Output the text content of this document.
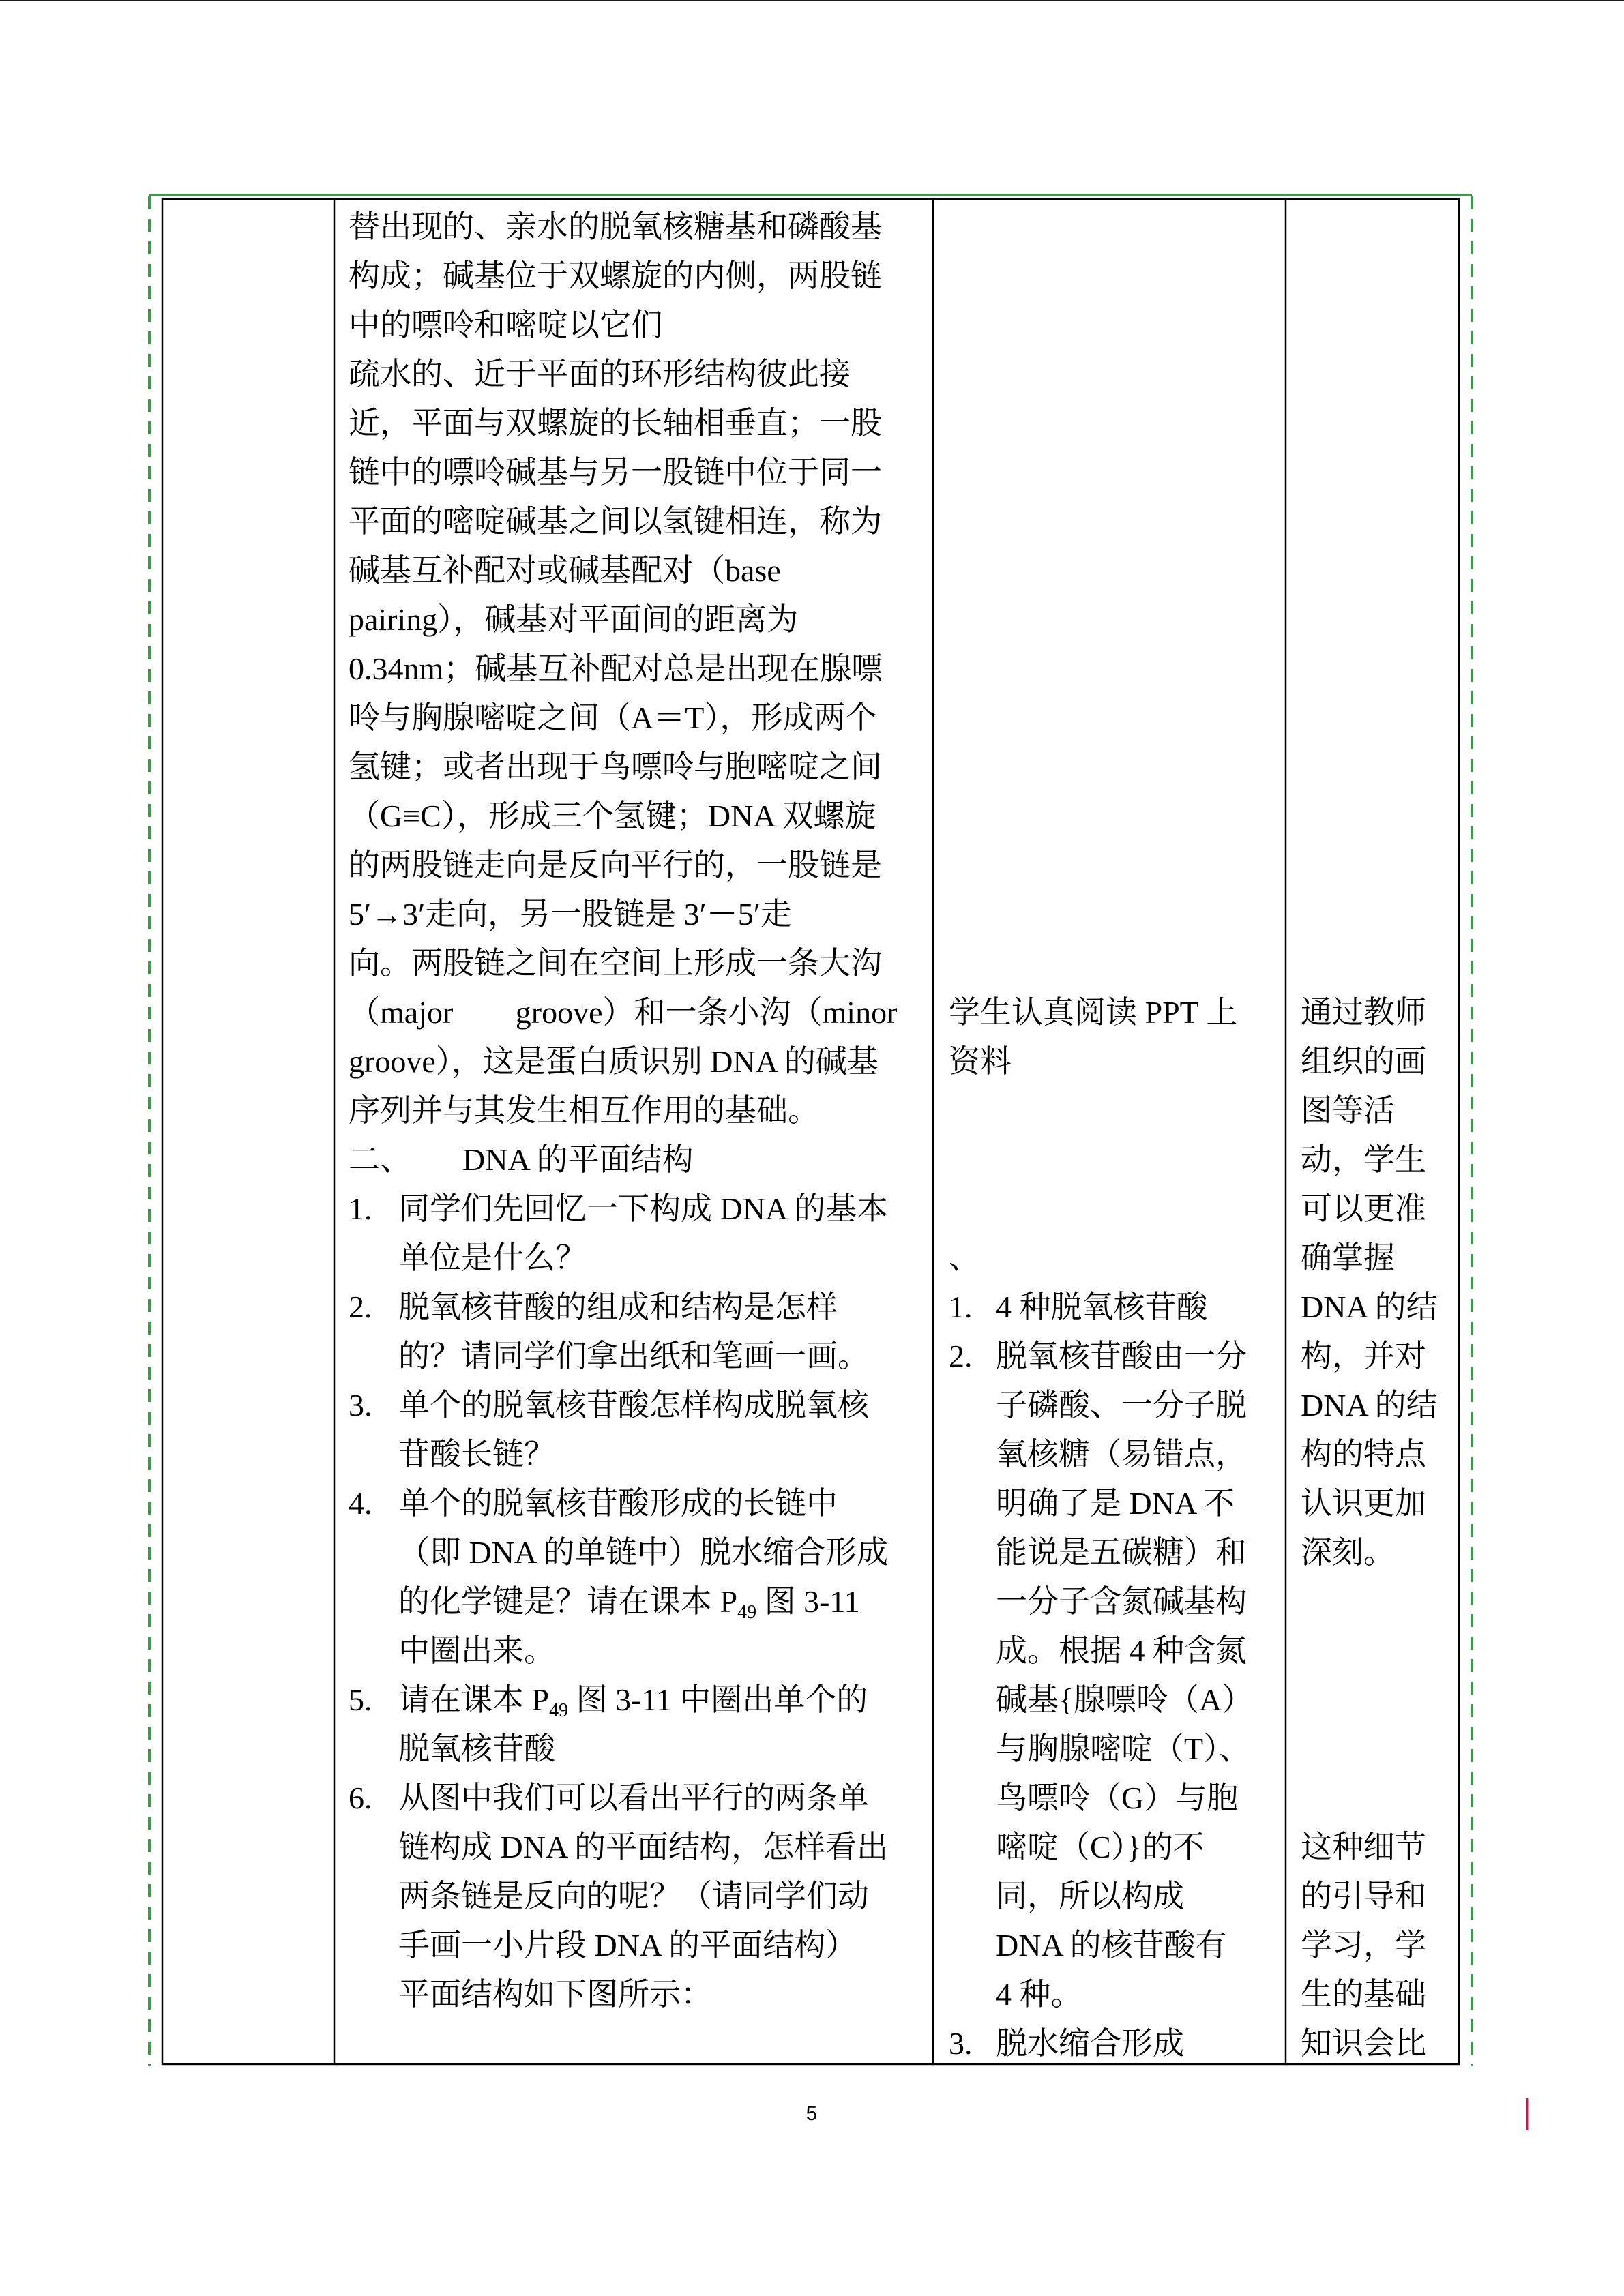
替出现的、亲水的脱氧核糖基和磷酸基
构成；碱基位于双螺旋的内侧，两股链
中的嘌呤和嘧啶以它们
疏水的、近于平面的环形结构彼此接
近，平面与双螺旋的长轴相垂直；一股
链中的嘌呤碱基与另一股链中位于同一
平面的嘧啶碱基之间以氢键相连，称为
碱基互补配对或碱基配对（base
pairing），碱基对平面间的距离为
0.34nm；碱基互补配对总是出现在腺嘌
呤与胸腺嘧啶之间（A＝T），形成两个
氢键；或者出现于鸟嘌呤与胞嘧啶之间
（G≡C），形成三个氢键；DNA 双螺旋
的两股链走向是反向平行的，一股链是
5′→3′走向，另一股链是 3′－5′走
向。两股链之间在空间上形成一条大沟
（major groove）和一条小沟（minor
groove），这是蛋白质识别 DNA 的碱基
序列并与其发生相互作用的基础。
二、 DNA 的平面结构
1. 同学们先回忆一下构成 DNA 的基本
单位是什么？
2. 脱氧核苷酸的组成和结构是怎样
的？请同学们拿出纸和笔画一画。
3. 单个的脱氧核苷酸怎样构成脱氧核
苷酸长链？
4. 单个的脱氧核苷酸形成的长链中
（即 DNA 的单链中）脱水缩合形成
的化学键是？请在课本 $P_{49}$ 图 3-11
中圈出来。
5. 请在课本 $P_{49}$ 图 3-11 中圈出单个的
脱氧核苷酸
6. 从图中我们可以看出平行的两条单
链构成 DNA 的平面结构，怎样看出
两条链是反向的呢？（请同学们动
手画一小片段 DNA 的平面结构）
平面结构如下图所示：
学生认真阅读 PPT 上
资料
、
1. 4 种脱氧核苷酸
2. 脱氧核苷酸由一分
子磷酸、一分子脱
氧核糖（易错点，
明确了是 DNA 不
能说是五碳糖）和
一分子含氮碱基构
成。根据 4 种含氮
碱基{腺嘌呤（A）
与胸腺嘧啶（T）、
鸟嘌呤（G）与胞
嘧啶（C）}的不
同，所以构成
DNA 的核苷酸有
4 种。
3. 脱水缩合形成
通过教师
组织的画
图等活
动，学生
可以更准
确掌握
DNA 的结
构，并对
DNA 的结
构的特点
认识更加
深刻。
这种细节
的引导和
学习，学
生的基础
知识会比
5
